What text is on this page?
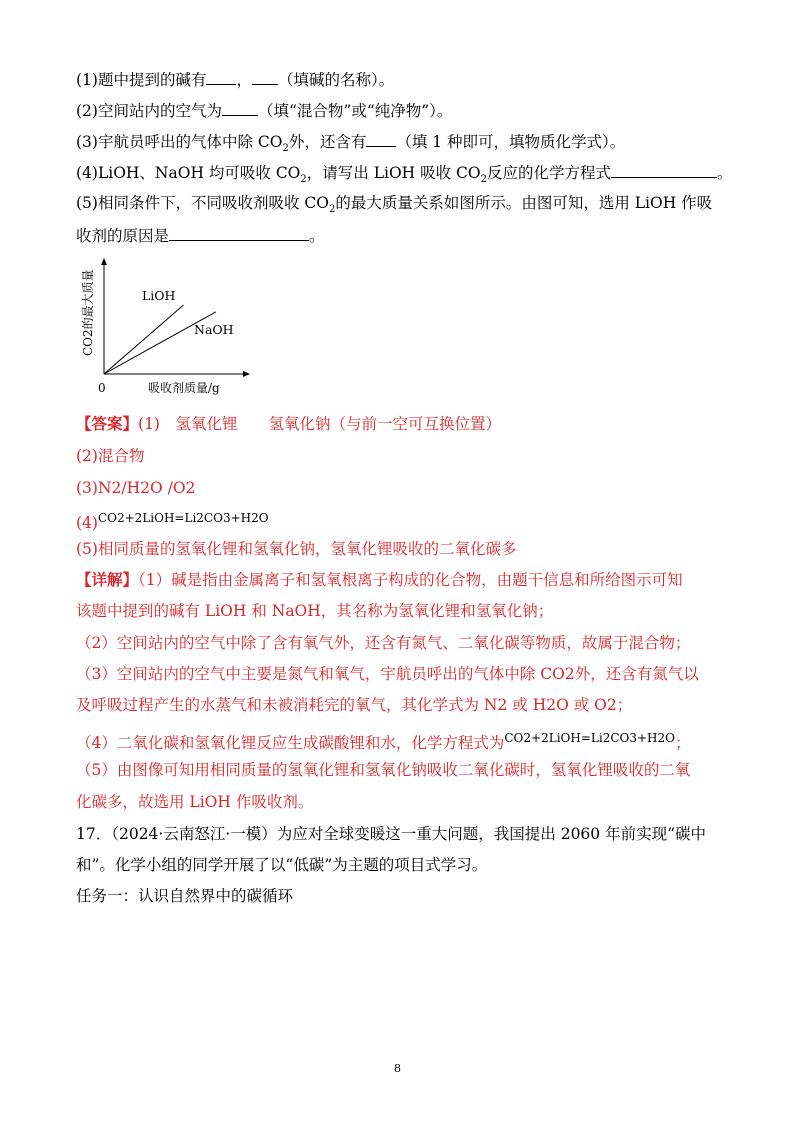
(1)题中提到的碱有 ， （填碱的名称）。
(2)空间站内的空气为 （填“混合物”或“纯净物”）。
(3)宇航员呼出的气体中除 $CO_2$外，还含有 （填 1 种即可，填物质化学式）。
(4)LiOH、NaOH 均可吸收 $CO_2$，请写出 LiOH 吸收 $CO_2$反应的化学方程式	。
(5)相同条件下，不同吸收剂吸收 $CO_2$的最大质量关系如图所示。由图可知，选用 LiOH 作吸
收剂的原因是	。
LiOH
NaOH
0	吸收剂质量/g
CO2的最大质量
【答案】(1)　氢氧化锂　　氢氧化钠（与前一空可互换位置）
(2)混合物
(3)N2/H2O /O2
$(4)^{CO2+2LiOH=Li2CO3+H2O}$
(5)相同质量的氢氧化锂和氢氧化钠，氢氧化锂吸收的二氧化碳多
【详解】（1）碱是指由金属离子和氢氧根离子构成的化合物，由题干信息和所给图示可知
该题中提到的碱有 LiOH 和 NaOH，其名称为氢氧化锂和氢氧化钠；
（2）空间站内的空气中除了含有氧气外，还含有氮气、二氧化碳等物质，故属于混合物；
（3）空间站内的空气中主要是氮气和氧气，宇航员呼出的气体中除 CO2外，还含有氮气以
及呼吸过程产生的水蒸气和未被消耗完的氧气，其化学式为 N2 或 H2O 或 O2；
（4）二氧化碳和氢氧化锂反应生成碳酸锂和水，化学方程式为$^{CO2+2LiOH=Li2CO3+H2O}$；
（5）由图像可知用相同质量的氢氧化锂和氢氧化钠吸收二氧化碳时，氢氧化锂吸收的二氧
化碳多，故选用 LiOH 作吸收剂。
17．（2024·云南怒江·一模）为应对全球变暖这一重大问题，我国提出 2060 年前实现“碳中
和”。化学小组的同学开展了以“低碳”为主题的项目式学习。
任务一：认识自然界中的碳循环
8
